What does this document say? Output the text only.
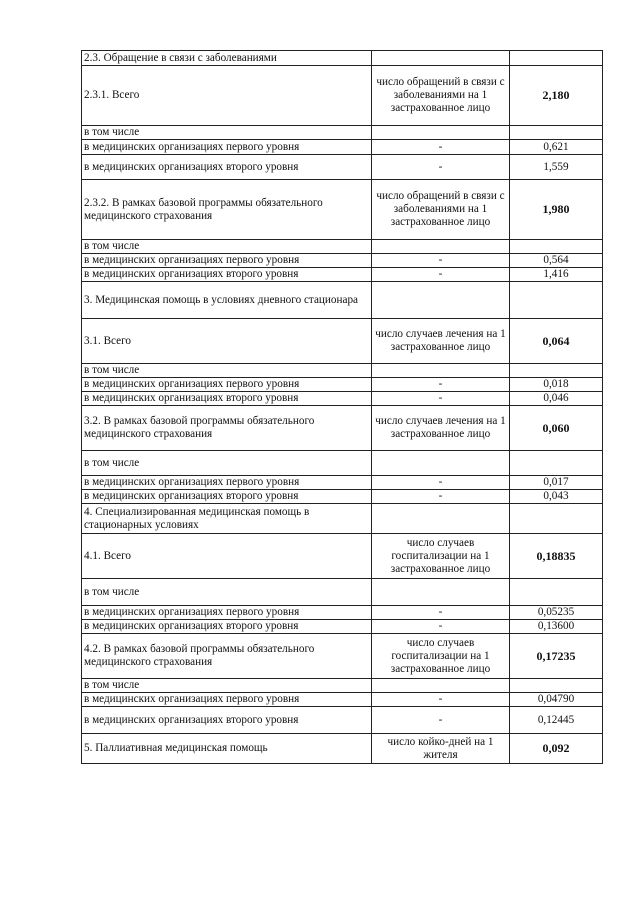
2.3. Обращение в связи с заболеваниями		
2.3.1. Всего	число обращений в связи с заболеваниями на 1 застрахованное лицо	2,180
в том числе		
в медицинских организациях первого уровня	-	0,621
в медицинских организациях второго уровня	-	1,559
2.3.2. В рамках базовой программы обязательного медицинского страхования	число обращений в связи с заболеваниями на 1 застрахованное лицо	1,980
в том числе		
в медицинских организациях первого уровня	-	0,564
в медицинских организациях второго уровня	-	1,416
3. Медицинская помощь в условиях дневного стационара		
3.1. Всего	число случаев лечения на 1 застрахованное лицо	0,064
в том числе		
в медицинских организациях первого уровня	-	0,018
в медицинских организациях второго уровня	-	0,046
3.2. В рамках базовой программы обязательного медицинского страхования	число случаев лечения на 1 застрахованное лицо	0,060
в том числе		
в медицинских организациях первого уровня	-	0,017
в медицинских организациях второго уровня	-	0,043
4. Специализированная медицинская помощь в стационарных условиях		
4.1. Всего	число случаев госпитализации на 1 застрахованное лицо	0,18835
в том числе		
в медицинских организациях первого уровня	-	0,05235
в медицинских организациях второго уровня	-	0,13600
4.2. В рамках базовой программы обязательного медицинского страхования	число случаев госпитализации на 1 застрахованное лицо	0,17235
в том числе		
в медицинских организациях первого уровня	-	0,04790
в медицинских организациях второго уровня	-	0,12445
5. Паллиативная медицинская помощь	число койко-дней на 1 жителя	0,092
